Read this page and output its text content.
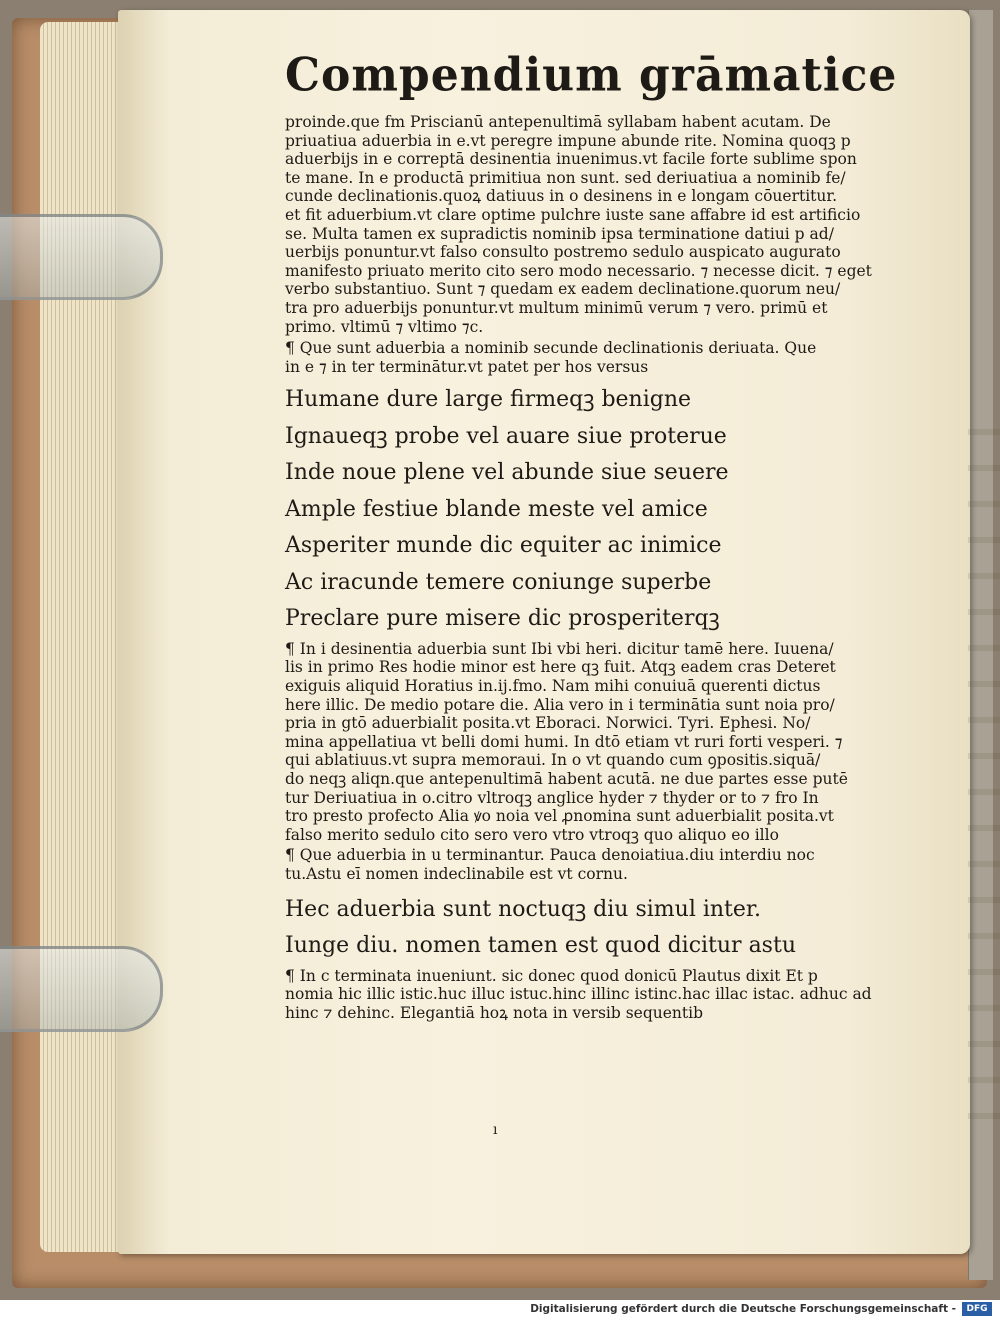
Compendium grāmatice

proinde.que fm Priscianū antepenultimā syllabam habent acutam. De

priuatiua aduerbia in e.vt peregre impune abunde rite. Nomina quoqꝫ p

aduerbijs in e correptā desinentia inuenimus.vt facile forte sublime spon

te mane. In e productā primitiua non sunt. sed deriuatiua a nominib fe/

cunde declinationis.quoꝝ datiuus in o desinens in e longam cōuertitur.

et fit aduerbium.vt clare optime pulchre iuste sane affabre id est artificio

se. Multa tamen ex supradictis nominib ipsa terminatione datiui p ad/

uerbijs ponuntur.vt falso consulto postremo sedulo auspicato augurato

manifesto priuato merito cito sero modo necessario. ⁊ necesse dicit. ⁊ eget

verbo substantiuo. Sunt ⁊ quedam ex eadem declinatione.quorum neu/

tra pro aduerbijs ponuntur.vt multum minimū verum ⁊ vero. primū et

primo. vltimū ⁊ vltimo ⁊c.

¶ Que sunt aduerbia a nominib secunde declinationis deriuata. Que

in e ⁊ in ter terminātur.vt patet per hos versus

Humane dure large firmeqꝫ benigne

Ignaueqꝫ probe vel auare siue proterue

Inde noue plene vel abunde siue seuere

Ample festiue blande meste vel amice

Asperiter munde dic equiter ac inimice

Ac iracunde temere coniunge superbe

Preclare pure misere dic prosperiterqꝫ

¶ In i desinentia aduerbia sunt Ibi vbi heri. dicitur tamē here. Iuuena/

lis in primo Res hodie minor est here qꝫ fuit. Atqꝫ eadem cras Deteret

exiguis aliquid Horatius in.ij.fmo. Nam mihi conuiuā querenti dictus

here illic. De medio potare die. Alia vero in i terminātia sunt noia pro/

pria in gtō aduerbialit posita.vt Eboraci. Norwici. Tyri. Ephesi. No/

mina appellatiua vt belli domi humi. In dtō etiam vt ruri forti vesperi. ⁊

qui ablatiuus.vt supra memoraui. In o vt quando cum ꝯpositis.siquā/

do neqꝫ aliqn.que antepenultimā habent acutā. ne due partes esse putē

tur Deriuatiua in o.citro vltroqꝫ anglice hyder ⁊ thyder or to ⁊ fro In

tro presto profecto Alia ꝟo noia vel ꝓnomina sunt aduerbialit posita.vt

falso merito sedulo cito sero vero vtro vtroqꝫ quo aliquo eo illo

¶ Que aduerbia in u terminantur. Pauca denoiatiua.diu interdiu noc

tu.Astu eī nomen indeclinabile est vt cornu.

Hec aduerbia sunt noctuqꝫ diu simul inter.

Iunge diu. nomen tamen est quod dicitur astu

¶ In c terminata inueniunt. sic donec quod donicū Plautus dixit Et p

nomia hic illic istic.huc illuc istuc.hinc illinc istinc.hac illac istac. adhuc ad

hinc ⁊ dehinc. Elegantiā hoꝝ nota in versib sequentib

ı
Digitalisierung gefördert durch die Deutsche Forschungsgemeinschaft -	DFG
